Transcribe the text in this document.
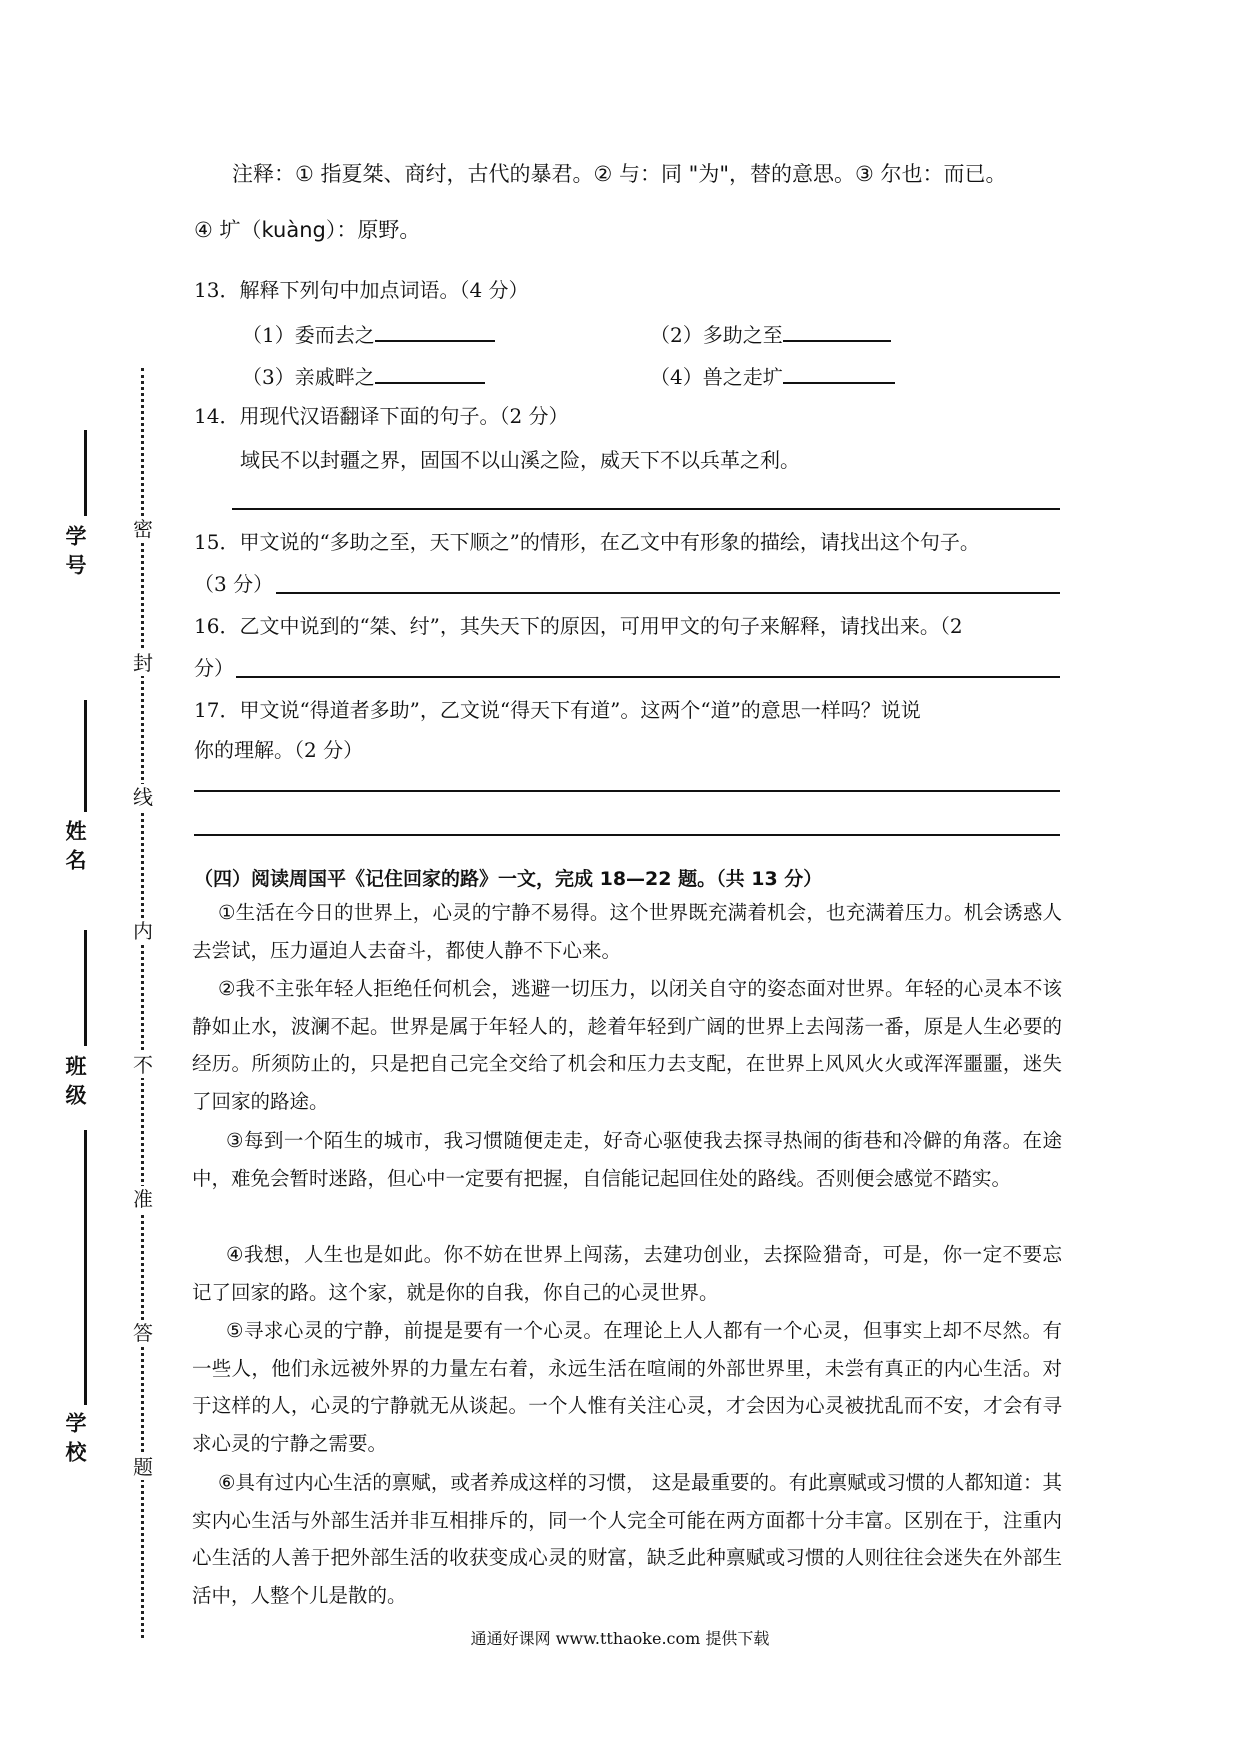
学号
姓名
班级
学校
密
封
线
内
不
准
答
题
注释：① 指夏桀、商纣，古代的暴君。② 与：同 "为"，替的意思。③ 尔也：而已。
④ 圹（kuàng）：原野。
13．解释下列句中加点词语。（4 分）
（1）委而去之	（2）多助之至
（3）亲戚畔之	（4）兽之走圹
14．用现代汉语翻译下面的句子。（2 分）
域民不以封疆之界，固国不以山溪之险，威天下不以兵革之利。
15．甲文说的“多助之至，天下顺之”的情形，在乙文中有形象的描绘，请找出这个句子。
（3 分）
16．乙文中说到的“桀、纣”，其失天下的原因，可用甲文的句子来解释，请找出来。（2
分）
17．甲文说“得道者多助”，乙文说“得天下有道”。这两个“道”的意思一样吗？说说
你的理解。（2 分）
（四）阅读周国平《记住回家的路》一文，完成 18—22 题。（共 13 分）
①生活在今日的世界上，心灵的宁静不易得。这个世界既充满着机会，也充满着压力。机会诱惑人去尝试，压力逼迫人去奋斗，都使人静不下心来。
②我不主张年轻人拒绝任何机会，逃避一切压力，以闭关自守的姿态面对世界。年轻的心灵本不该静如止水，波澜不起。世界是属于年轻人的，趁着年轻到广阔的世界上去闯荡一番，原是人生必要的经历。所须防止的，只是把自己完全交给了机会和压力去支配，在世界上风风火火或浑浑噩噩，迷失了回家的路途。
③每到一个陌生的城市，我习惯随便走走，好奇心驱使我去探寻热闹的街巷和冷僻的角落。在途中，难免会暂时迷路，但心中一定要有把握，自信能记起回住处的路线。否则便会感觉不踏实。
④我想，人生也是如此。你不妨在世界上闯荡，去建功创业，去探险猎奇，可是，你一定不要忘记了回家的路。这个家，就是你的自我，你自己的心灵世界。
⑤寻求心灵的宁静，前提是要有一个心灵。在理论上人人都有一个心灵，但事实上却不尽然。有一些人，他们永远被外界的力量左右着，永远生活在喧闹的外部世界里，未尝有真正的内心生活。对于这样的人，心灵的宁静就无从谈起。一个人惟有关注心灵，才会因为心灵被扰乱而不安，才会有寻求心灵的宁静之需要。
⑥具有过内心生活的禀赋，或者养成这样的习惯， 这是最重要的。有此禀赋或习惯的人都知道：其实内心生活与外部生活并非互相排斥的，同一个人完全可能在两方面都十分丰富。区别在于，注重内心生活的人善于把外部生活的收获变成心灵的财富，缺乏此种禀赋或习惯的人则往往会迷失在外部生活中，人整个儿是散的。
通通好课网 www.tthaoke.com 提供下载
